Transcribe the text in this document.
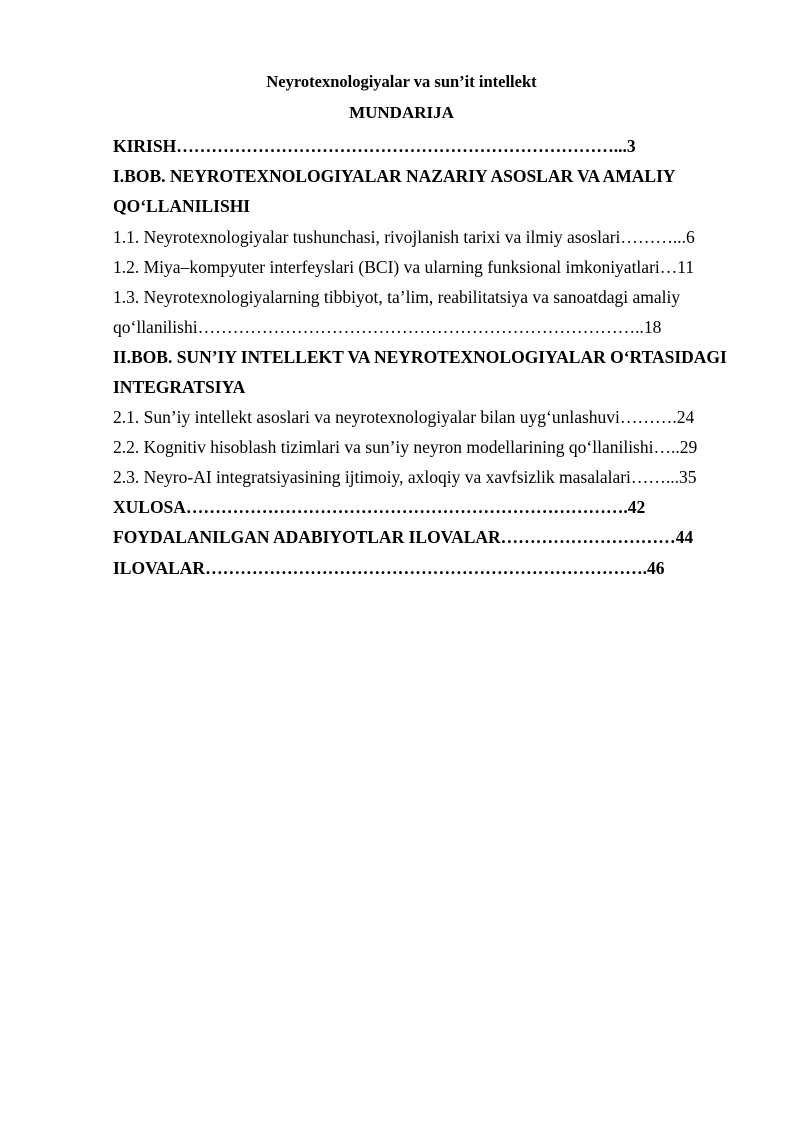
Neyrotexnologiyalar va sun’it intellekt
MUNDARIJA
KIRISH…………………………………………………………………...3
I.BOB. NEYROTEXNOLOGIYALAR NAZARIY ASOSLAR VA AMALIY QO‘LLANILISHI
1.1. Neyrotexnologiyalar tushunchasi, rivojlanish tarixi va ilmiy asoslari………...6
1.2. Miya–kompyuter interfeyslari (BCI) va ularning funksional imkoniyatlari…11
1.3. Neyrotexnologiyalarning tibbiyot, ta’lim, reabilitatsiya va sanoatdagi amaliy qo‘llanilishi…………………………………………………………………..18
II.BOB. SUN’IY INTELLEKT VA NEYROTEXNOLOGIYALAR O‘RTASIDAGI INTEGRATSIYA
2.1. Sun’iy intellekt asoslari va neyrotexnologiyalar bilan uyg‘unlashuvi……….24
2.2. Kognitiv hisoblash tizimlari va sun’iy neyron modellarining qo‘llanilishi…..29
2.3. Neyro-AI integratsiyasining ijtimoiy, axloqiy va xavfsizlik masalalari……...35
XULOSA………………………………………………………………….42
FOYDALANILGAN ADABIYOTLAR ILOVALAR…………………………44
ILOVALAR………………………………………………………………….46
